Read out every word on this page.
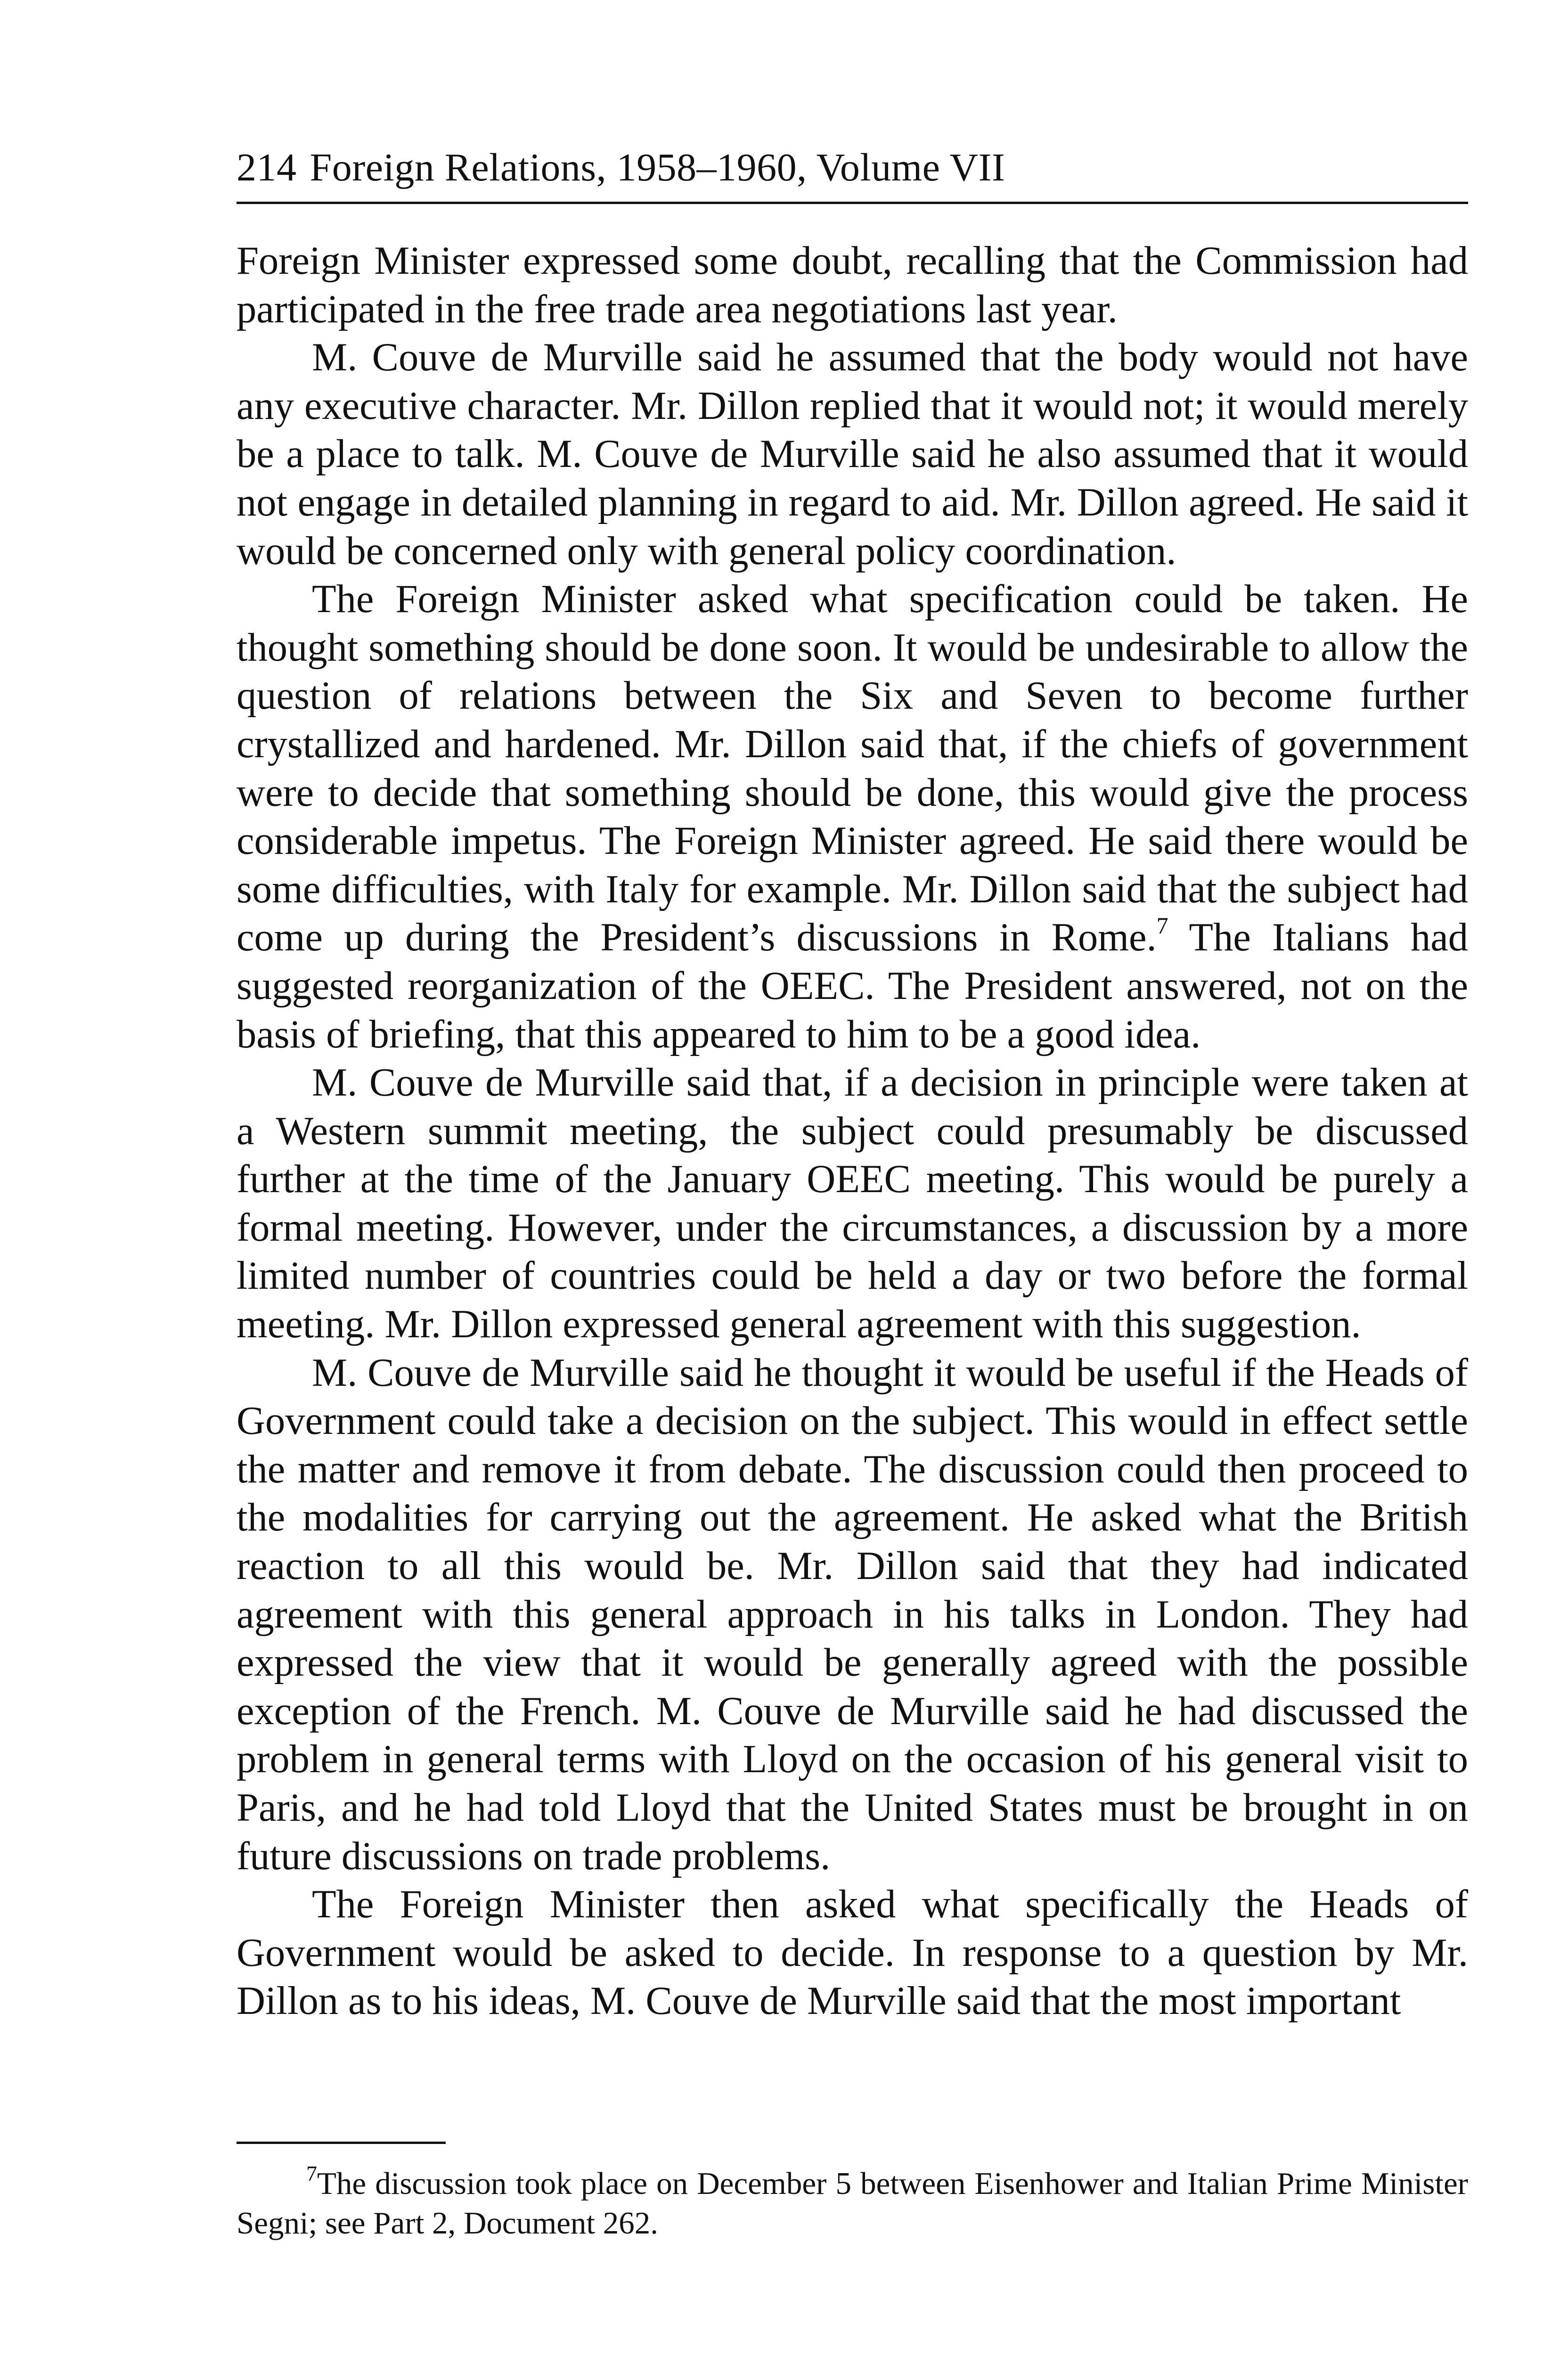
214 Foreign Relations, 1958–1960, Volume VII

Foreign Minister expressed some doubt, recalling that the Commission had participated in the free trade area negotiations last year.

M. Couve de Murville said he assumed that the body would not have any executive character. Mr. Dillon replied that it would not; it would merely be a place to talk. M. Couve de Murville said he also assumed that it would not engage in detailed planning in regard to aid. Mr. Dillon agreed. He said it would be concerned only with general policy coordination.

The Foreign Minister asked what specification could be taken. He thought something should be done soon. It would be undesirable to allow the question of relations between the Six and Seven to become further crystallized and hardened. Mr. Dillon said that, if the chiefs of government were to decide that something should be done, this would give the process considerable impetus. The Foreign Minister agreed. He said there would be some difficulties, with Italy for example. Mr. Dillon said that the subject had come up during the President’s discussions in Rome.$^7$ The Italians had suggested reorganization of the OEEC. The President answered, not on the basis of briefing, that this appeared to him to be a good idea.

M. Couve de Murville said that, if a decision in principle were taken at a Western summit meeting, the subject could presumably be discussed further at the time of the January OEEC meeting. This would be purely a formal meeting. However, under the circumstances, a discussion by a more limited number of countries could be held a day or two before the formal meeting. Mr. Dillon expressed general agreement with this suggestion.

M. Couve de Murville said he thought it would be useful if the Heads of Government could take a decision on the subject. This would in effect settle the matter and remove it from debate. The discussion could then proceed to the modalities for carrying out the agreement. He asked what the British reaction to all this would be. Mr. Dillon said that they had indicated agreement with this general approach in his talks in London. They had expressed the view that it would be generally agreed with the possible exception of the French. M. Couve de Murville said he had discussed the problem in general terms with Lloyd on the occasion of his general visit to Paris, and he had told Lloyd that the United States must be brought in on future discussions on trade problems.

The Foreign Minister then asked what specifically the Heads of Government would be asked to decide. In response to a question by Mr. Dillon as to his ideas, M. Couve de Murville said that the most important

$^7$The discussion took place on December 5 between Eisenhower and Italian Prime Minister Segni; see Part 2, Document 262.
